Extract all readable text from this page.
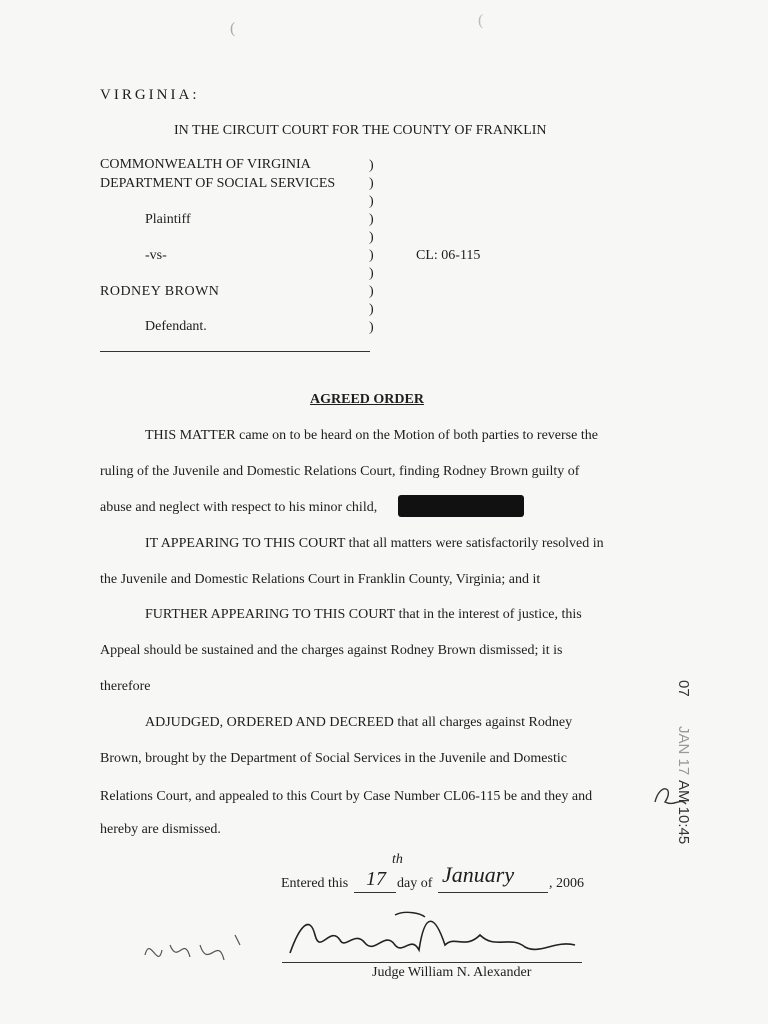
(	(
VIRGINIA:
IN THE CIRCUIT COURT FOR THE COUNTY OF FRANKLIN
COMMONWEALTH OF VIRGINIA
DEPARTMENT OF SOCIAL SERVICES
Plaintiff
-vs-	CL: 06-115
RODNEY BROWN
Defendant.
)
)
)
)
)
)
)
)
)
)
AGREED ORDER
THIS MATTER came on to be heard on the Motion of both parties to reverse the
ruling of the Juvenile and Domestic Relations Court, finding Rodney Brown guilty of
abuse and neglect with respect to his minor child,
IT APPEARING TO THIS COURT that all matters were satisfactorily resolved in
the Juvenile and Domestic Relations Court in Franklin County, Virginia; and it
FURTHER APPEARING TO THIS COURT that in the interest of justice, this
Appeal should be sustained and the charges against Rodney Brown dismissed; it is
therefore
ADJUDGED, ORDERED AND DECREED that all charges against Rodney
Brown, brought by the Department of Social Services in the Juvenile and Domestic
Relations Court, and appealed to this Court by Case Number CL06-115 be and they and
hereby are dismissed.
Entered this 17
th
day of January , 2006
Judge William N. Alexander
07
JAN 17
AM 10:45
